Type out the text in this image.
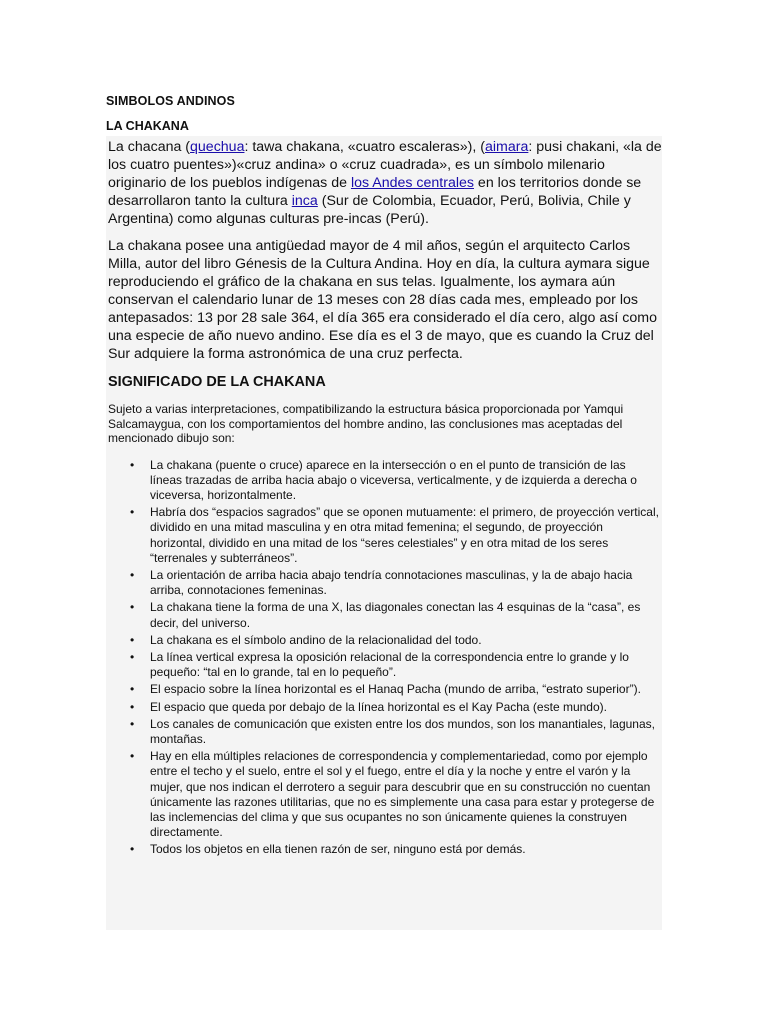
SIMBOLOS ANDINOS
LA CHAKANA

La chacana (quechua: tawa chakana, «cuatro escaleras»), (aimara: pusi chakani, «la de los cuatro puentes»)«cruz andina» o «cruz cuadrada», es un símbolo milenario originario de los pueblos indígenas de los Andes centrales en los territorios donde se desarrollaron tanto la cultura inca (Sur de Colombia, Ecuador, Perú, Bolivia, Chile y Argentina) como algunas culturas pre-incas (Perú).

La chakana posee una antigüedad mayor de 4 mil años, según el arquitecto Carlos Milla, autor del libro Génesis de la Cultura Andina. Hoy en día, la cultura aymara sigue reproduciendo el gráfico de la chakana en sus telas. Igualmente, los aymara aún conservan el calendario lunar de 13 meses con 28 días cada mes, empleado por los antepasados: 13 por 28 sale 364, el día 365 era considerado el día cero, algo así como una especie de año nuevo andino. Ese día es el 3 de mayo, que es cuando la Cruz del Sur adquiere la forma astronómica de una cruz perfecta.

SIGNIFICADO DE LA CHAKANA

Sujeto a varias interpretaciones, compatibilizando la estructura básica proporcionada por Yamqui Salcamaygua, con los comportamientos del hombre andino, las conclusiones mas aceptadas del mencionado dibujo son:

• La chakana (puente o cruce) aparece en la intersección o en el punto de transición de las líneas trazadas de arriba hacia abajo o viceversa, verticalmente, y de izquierda a derecha o viceversa, horizontalmente.
• Habría dos “espacios sagrados” que se oponen mutuamente: el primero, de proyección vertical, dividido en una mitad masculina y en otra mitad femenina; el segundo, de proyección horizontal, dividido en una mitad de los “seres celestiales” y en otra mitad de los seres “terrenales y subterráneos”.
• La orientación de arriba hacia abajo tendría connotaciones masculinas, y la de abajo hacia arriba, connotaciones femeninas.
• La chakana tiene la forma de una X, las diagonales conectan las 4 esquinas de la “casa”, es decir, del universo.
• La chakana es el símbolo andino de la relacionalidad del todo.
• La línea vertical expresa la oposición relacional de la correspondencia entre lo grande y lo pequeño: “tal en lo grande, tal en lo pequeño”.
• El espacio sobre la línea horizontal es el Hanaq Pacha (mundo de arriba, “estrato superior”).
• El espacio que queda por debajo de la línea horizontal es el Kay Pacha (este mundo).
• Los canales de comunicación que existen entre los dos mundos, son los manantiales, lagunas, montañas.
• Hay en ella múltiples relaciones de correspondencia y complementariedad, como por ejemplo entre el techo y el suelo, entre el sol y el fuego, entre el día y la noche y entre el varón y la mujer, que nos indican el derrotero a seguir para descubrir que en su construcción no cuentan únicamente las razones utilitarias, que no es simplemente una casa para estar y protegerse de las inclemencias del clima y que sus ocupantes no son únicamente quienes la construyen directamente.
• Todos los objetos en ella tienen razón de ser, ninguno está por demás.
